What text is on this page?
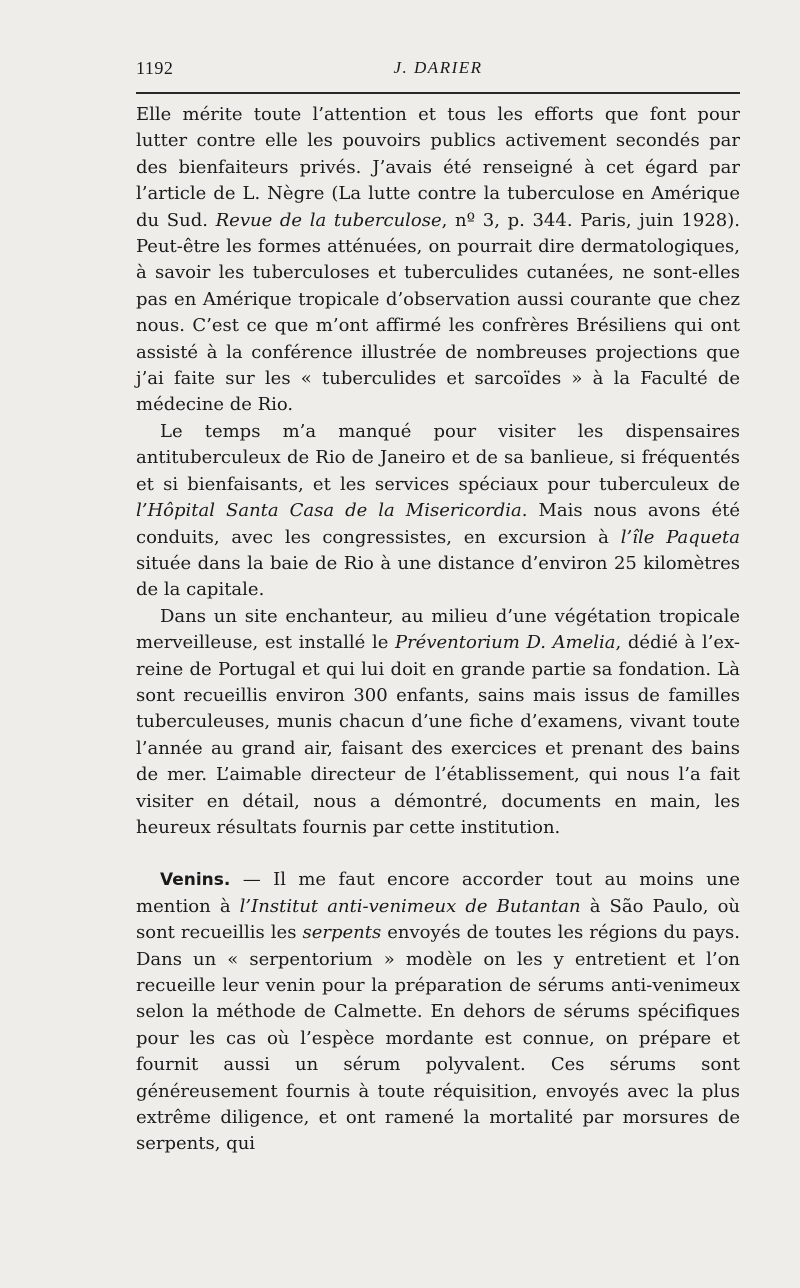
1192	J. DARIER

Elle mérite toute l’attention et tous les efforts que font pour lutter contre elle les pouvoirs publics activement secondés par des bienfaiteurs privés. J’avais été renseigné à cet égard par l’article de L. Nègre (La lutte contre la tuberculose en Amérique du Sud. Revue de la tuberculose, nº 3, p. 344. Paris, juin 1928). Peut-être les formes atténuées, on pourrait dire dermatologiques, à savoir les tuberculoses et tuberculides cutanées, ne sont-elles pas en Amérique tropicale d’observation aussi courante que chez nous. C’est ce que m’ont affirmé les confrères Brésiliens qui ont assisté à la conférence illustrée de nombreuses projections que j’ai faite sur les « tuberculides et sarcoïdes » à la Faculté de médecine de Rio.

Le temps m’a manqué pour visiter les dispensaires antituberculeux de Rio de Janeiro et de sa banlieue, si fréquentés et si bienfaisants, et les services spéciaux pour tuberculeux de l’Hôpital Santa Casa de la Misericordia. Mais nous avons été conduits, avec les congressistes, en excursion à l’île Paqueta située dans la baie de Rio à une distance d’environ 25 kilomètres de la capitale.

Dans un site enchanteur, au milieu d’une végétation tropicale merveilleuse, est installé le Préventorium D. Amelia, dédié à l’ex-reine de Portugal et qui lui doit en grande partie sa fondation. Là sont recueillis environ 300 enfants, sains mais issus de familles tuberculeuses, munis chacun d’une fiche d’examens, vivant toute l’année au grand air, faisant des exercices et prenant des bains de mer. L’aimable directeur de l’établissement, qui nous l’a fait visiter en détail, nous a démontré, documents en main, les heureux résultats fournis par cette institution.

Venins. — Il me faut encore accorder tout au moins une mention à l’Institut anti-venimeux de Butantan à São Paulo, où sont recueillis les serpents envoyés de toutes les régions du pays. Dans un « serpentorium » modèle on les y entretient et l’on recueille leur venin pour la préparation de sérums anti-venimeux selon la méthode de Calmette. En dehors de sérums spécifiques pour les cas où l’espèce mordante est connue, on prépare et fournit aussi un sérum polyvalent. Ces sérums sont généreusement fournis à toute réquisition, envoyés avec la plus extrême diligence, et ont ramené la mortalité par morsures de serpents, qui
